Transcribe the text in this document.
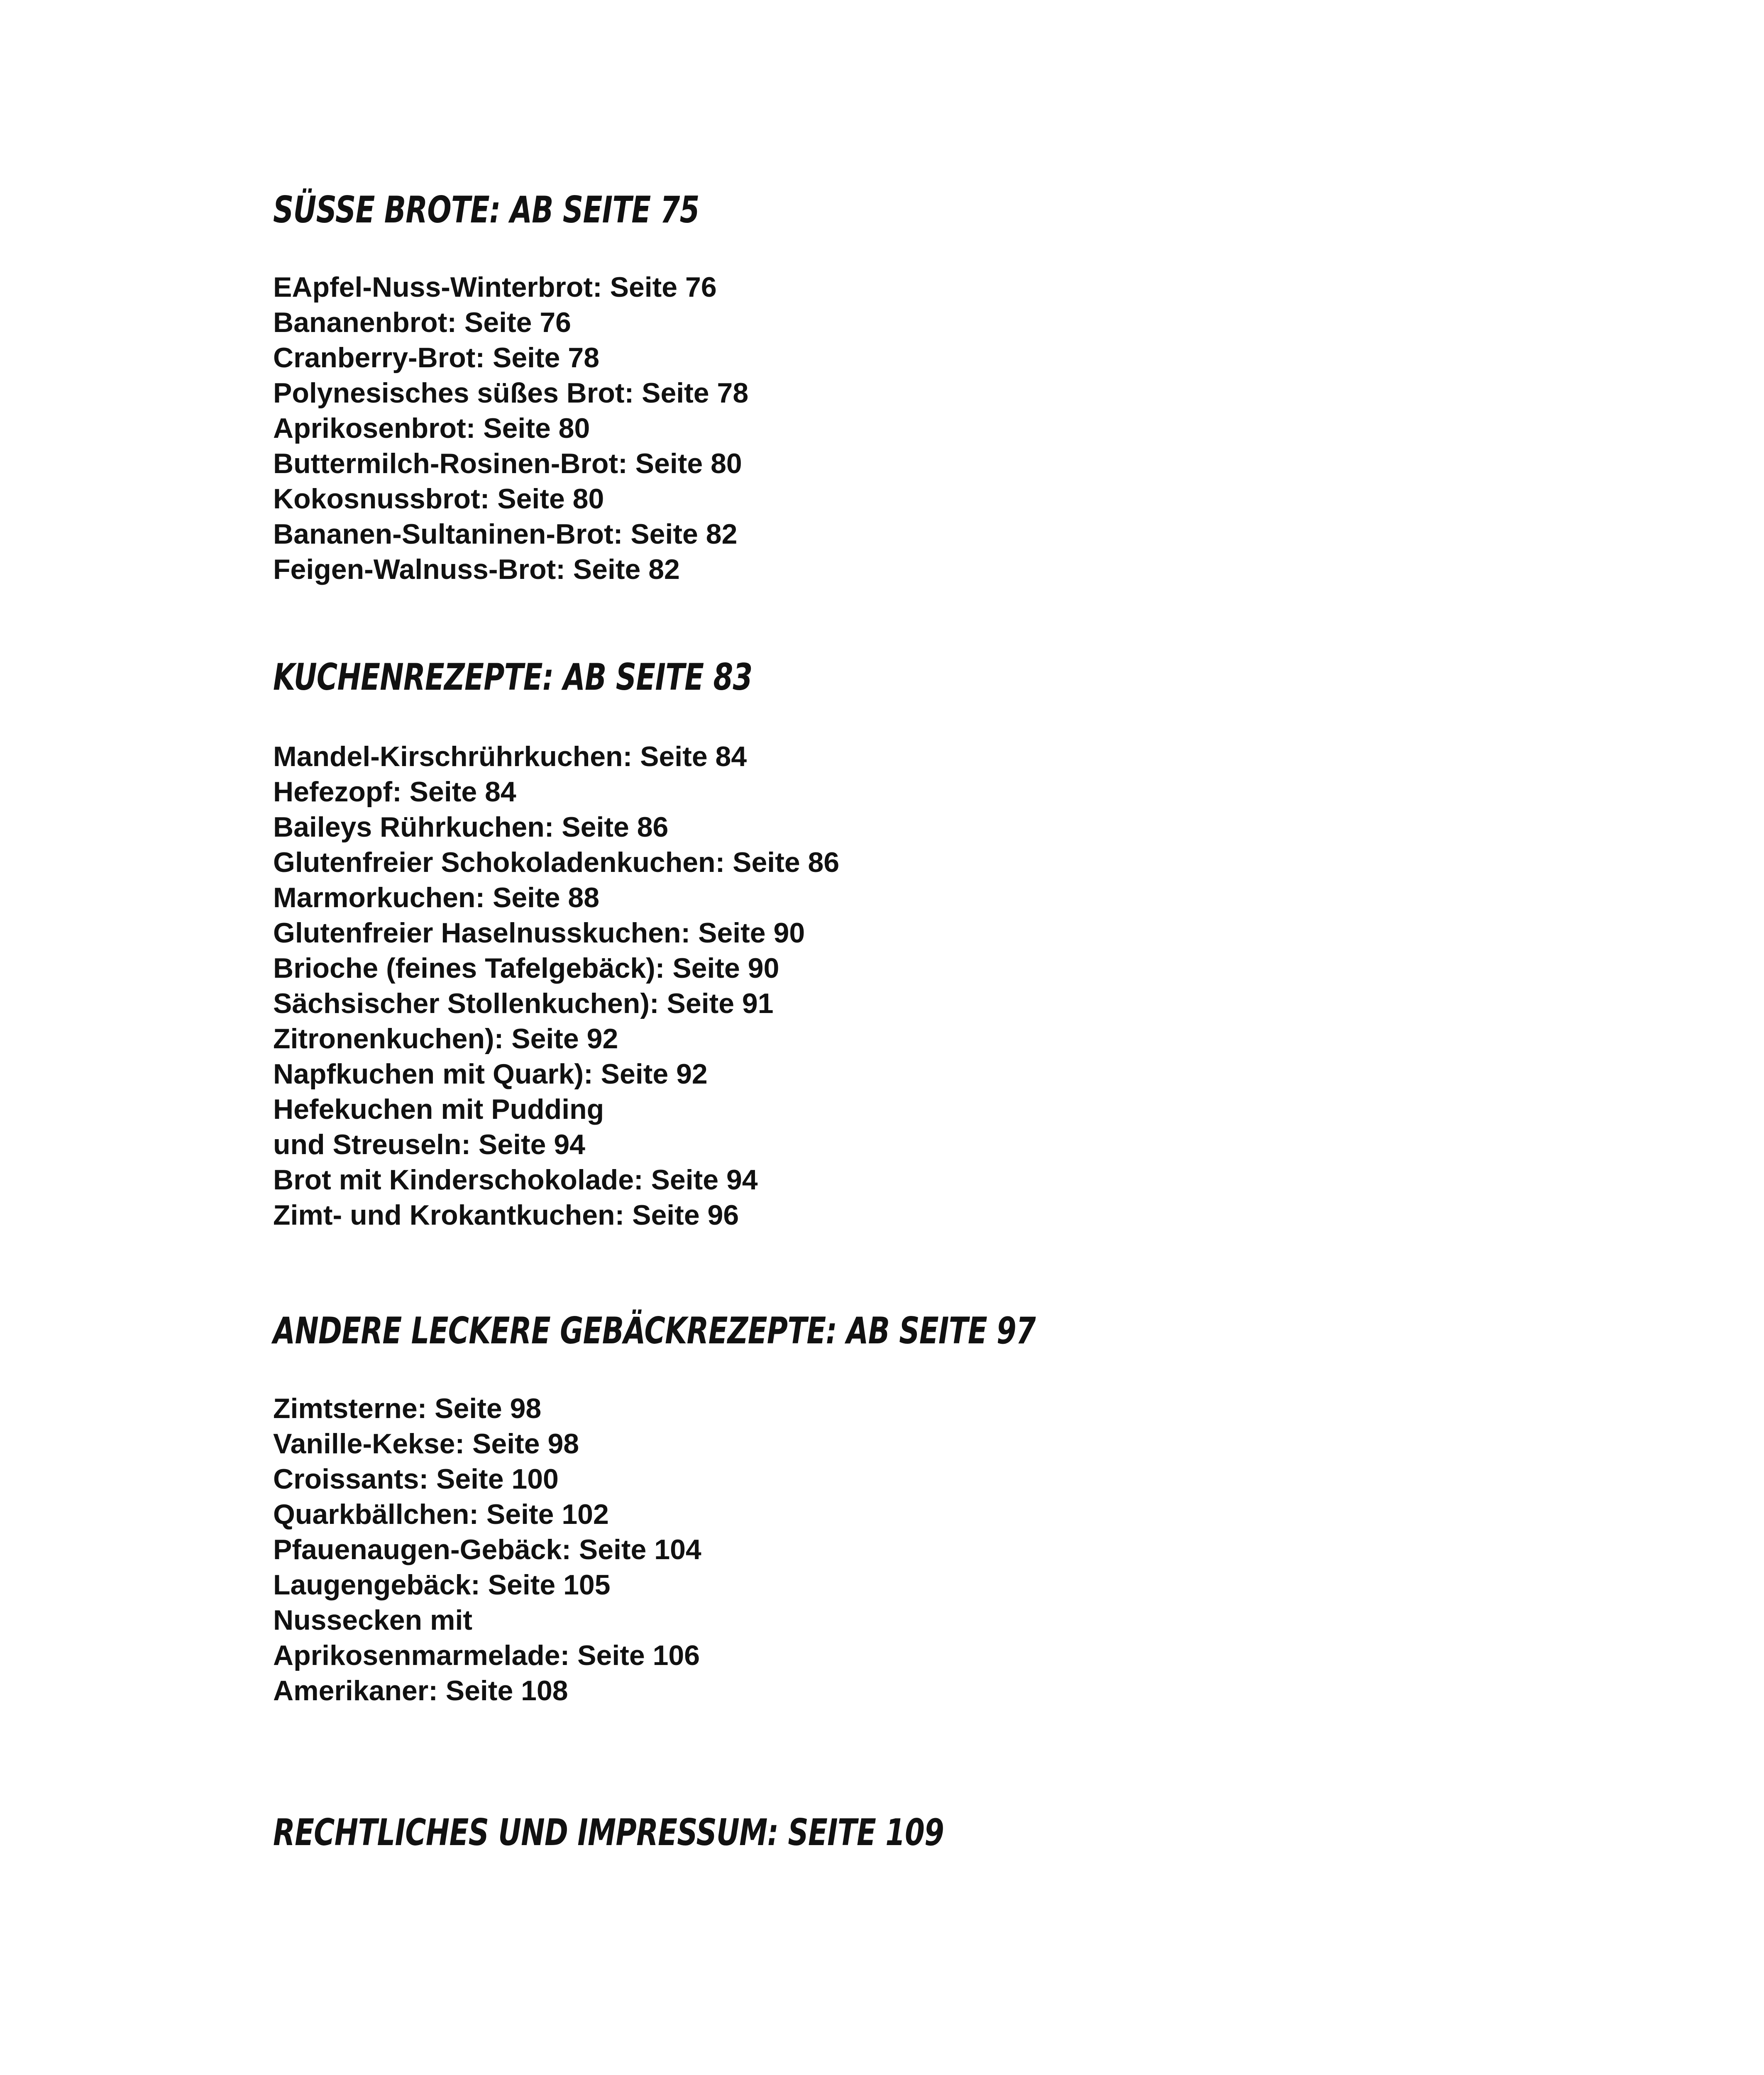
SÜSSE BROTE: AB SEITE 75
EApfel-Nuss-Winterbrot: Seite 76
Bananenbrot: Seite 76
Cranberry-Brot: Seite 78
Polynesisches süßes Brot: Seite 78
Aprikosenbrot: Seite 80
Buttermilch-Rosinen-Brot: Seite 80
Kokosnussbrot: Seite 80
Bananen-Sultaninen-Brot: Seite 82
Feigen-Walnuss-Brot: Seite 82
KUCHENREZEPTE: AB SEITE 83
Mandel-Kirschrührkuchen: Seite 84
Hefezopf: Seite 84
Baileys Rührkuchen: Seite 86
Glutenfreier Schokoladenkuchen: Seite 86
Marmorkuchen: Seite 88
Glutenfreier Haselnusskuchen: Seite 90
Brioche (feines Tafelgebäck): Seite 90
Sächsischer Stollenkuchen): Seite 91
Zitronenkuchen): Seite 92
Napfkuchen mit Quark): Seite 92
Hefekuchen mit Pudding
und Streuseln: Seite 94
Brot mit Kinderschokolade: Seite 94
Zimt- und Krokantkuchen: Seite 96
ANDERE LECKERE GEBÄCKREZEPTE: AB SEITE 97
Zimtsterne: Seite 98
Vanille-Kekse: Seite 98
Croissants: Seite 100
Quarkbällchen: Seite 102
Pfauenaugen-Gebäck: Seite 104
Laugengebäck: Seite 105
Nussecken mit
Aprikosenmarmelade: Seite 106
Amerikaner: Seite 108
RECHTLICHES UND IMPRESSUM: SEITE 109
